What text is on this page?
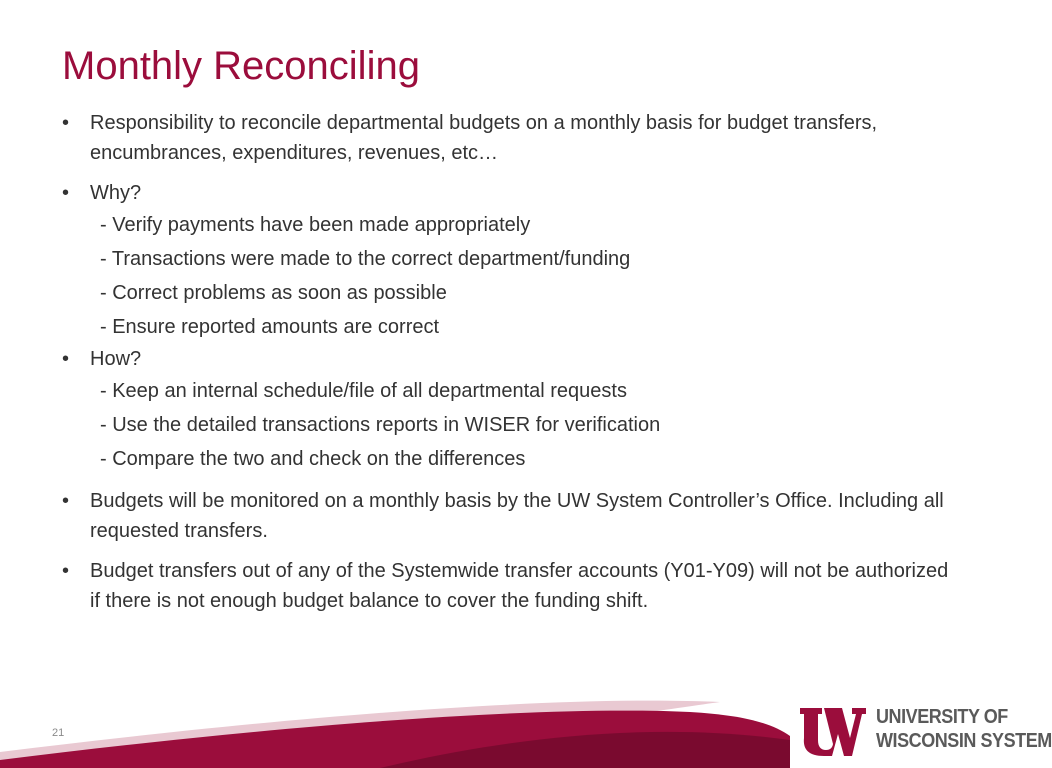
Monthly Reconciling
• Responsibility to reconcile departmental budgets on a monthly basis for budget transfers, encumbrances, expenditures, revenues, etc…
• Why?
- Verify payments have been made appropriately
- Transactions were made to the correct department/funding
- Correct problems as soon as possible
- Ensure reported amounts are correct
• How?
- Keep an internal schedule/file of all departmental requests
- Use the detailed transactions reports in WISER for verification
- Compare the two and check on the differences
• Budgets will be monitored on a monthly basis by the UW System Controller’s Office. Including all requested transfers.
• Budget transfers out of any of the Systemwide transfer accounts (Y01-Y09) will not be authorized if there is not enough budget balance to cover the funding shift.
21
UNIVERSITY OF
WISCONSIN SYSTEM
